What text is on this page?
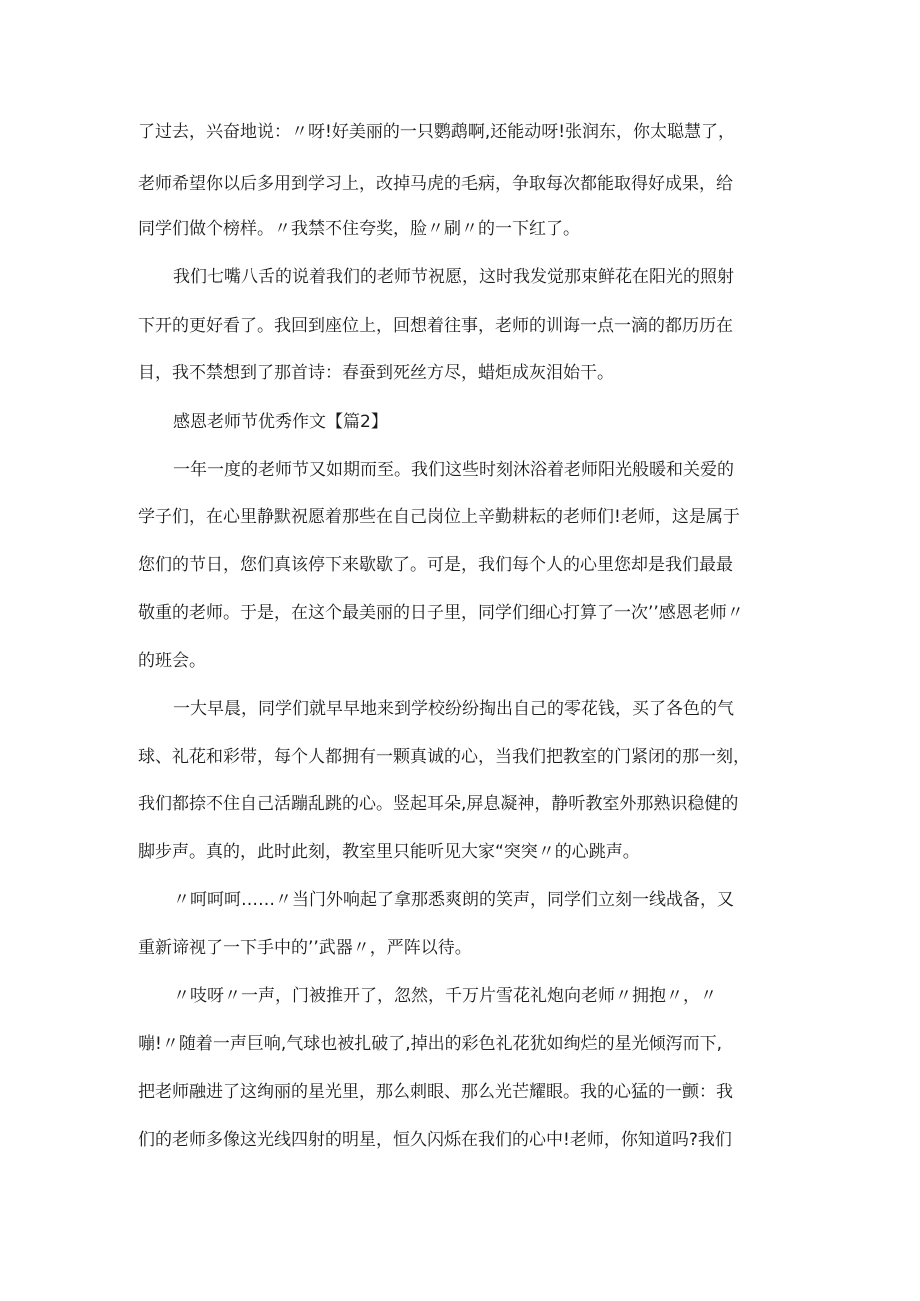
了过去，兴奋地说：〃呀!好美丽的一只鹦鹉啊,还能动呀!张润东，你太聪慧了，
老师希望你以后多用到学习上，改掉马虎的毛病，争取每次都能取得好成果，给
同学们做个榜样。〃我禁不住夸奖，脸〃刷〃的一下红了。
我们七嘴八舌的说着我们的老师节祝愿，这时我发觉那束鲜花在阳光的照射
下开的更好看了。我回到座位上，回想着往事，老师的训诲一点一滴的都历历在
目，我不禁想到了那首诗：春蚕到死丝方尽，蜡炬成灰泪始干。
感恩老师节优秀作文【篇2】
一年一度的老师节又如期而至。我们这些时刻沐浴着老师阳光般暖和关爱的
学子们，在心里静默祝愿着那些在自己岗位上辛勤耕耘的老师们!老师，这是属于
您们的节日，您们真该停下来歇歇了。可是，我们每个人的心里您却是我们最最
敬重的老师。于是，在这个最美丽的日子里，同学们细心打算了一次’’感恩老师〃
的班会。
一大早晨，同学们就早早地来到学校纷纷掏出自己的零花钱，买了各色的气
球、礼花和彩带，每个人都拥有一颗真诚的心，当我们把教室的门紧闭的那一刻，
我们都捺不住自己活蹦乱跳的心。竖起耳朵,屏息凝神，静听教室外那熟识稳健的
脚步声。真的，此时此刻，教室里只能听见大家“突突〃的心跳声。
〃呵呵呵……〃当门外响起了拿那悉爽朗的笑声，同学们立刻一线战备，又
重新谛视了一下手中的’’武器〃，严阵以待。
〃吱呀〃一声，门被推开了，忽然，千万片雪花礼炮向老师〃拥抱〃，〃
嘣!〃随着一声巨响,气球也被扎破了,掉出的彩色礼花犹如绚烂的星光倾泻而下,
把老师融进了这绚丽的星光里，那么刺眼、那么光芒耀眼。我的心猛的一颤：我
们的老师多像这光线四射的明星，恒久闪烁在我们的心中!老师，你知道吗?我们
